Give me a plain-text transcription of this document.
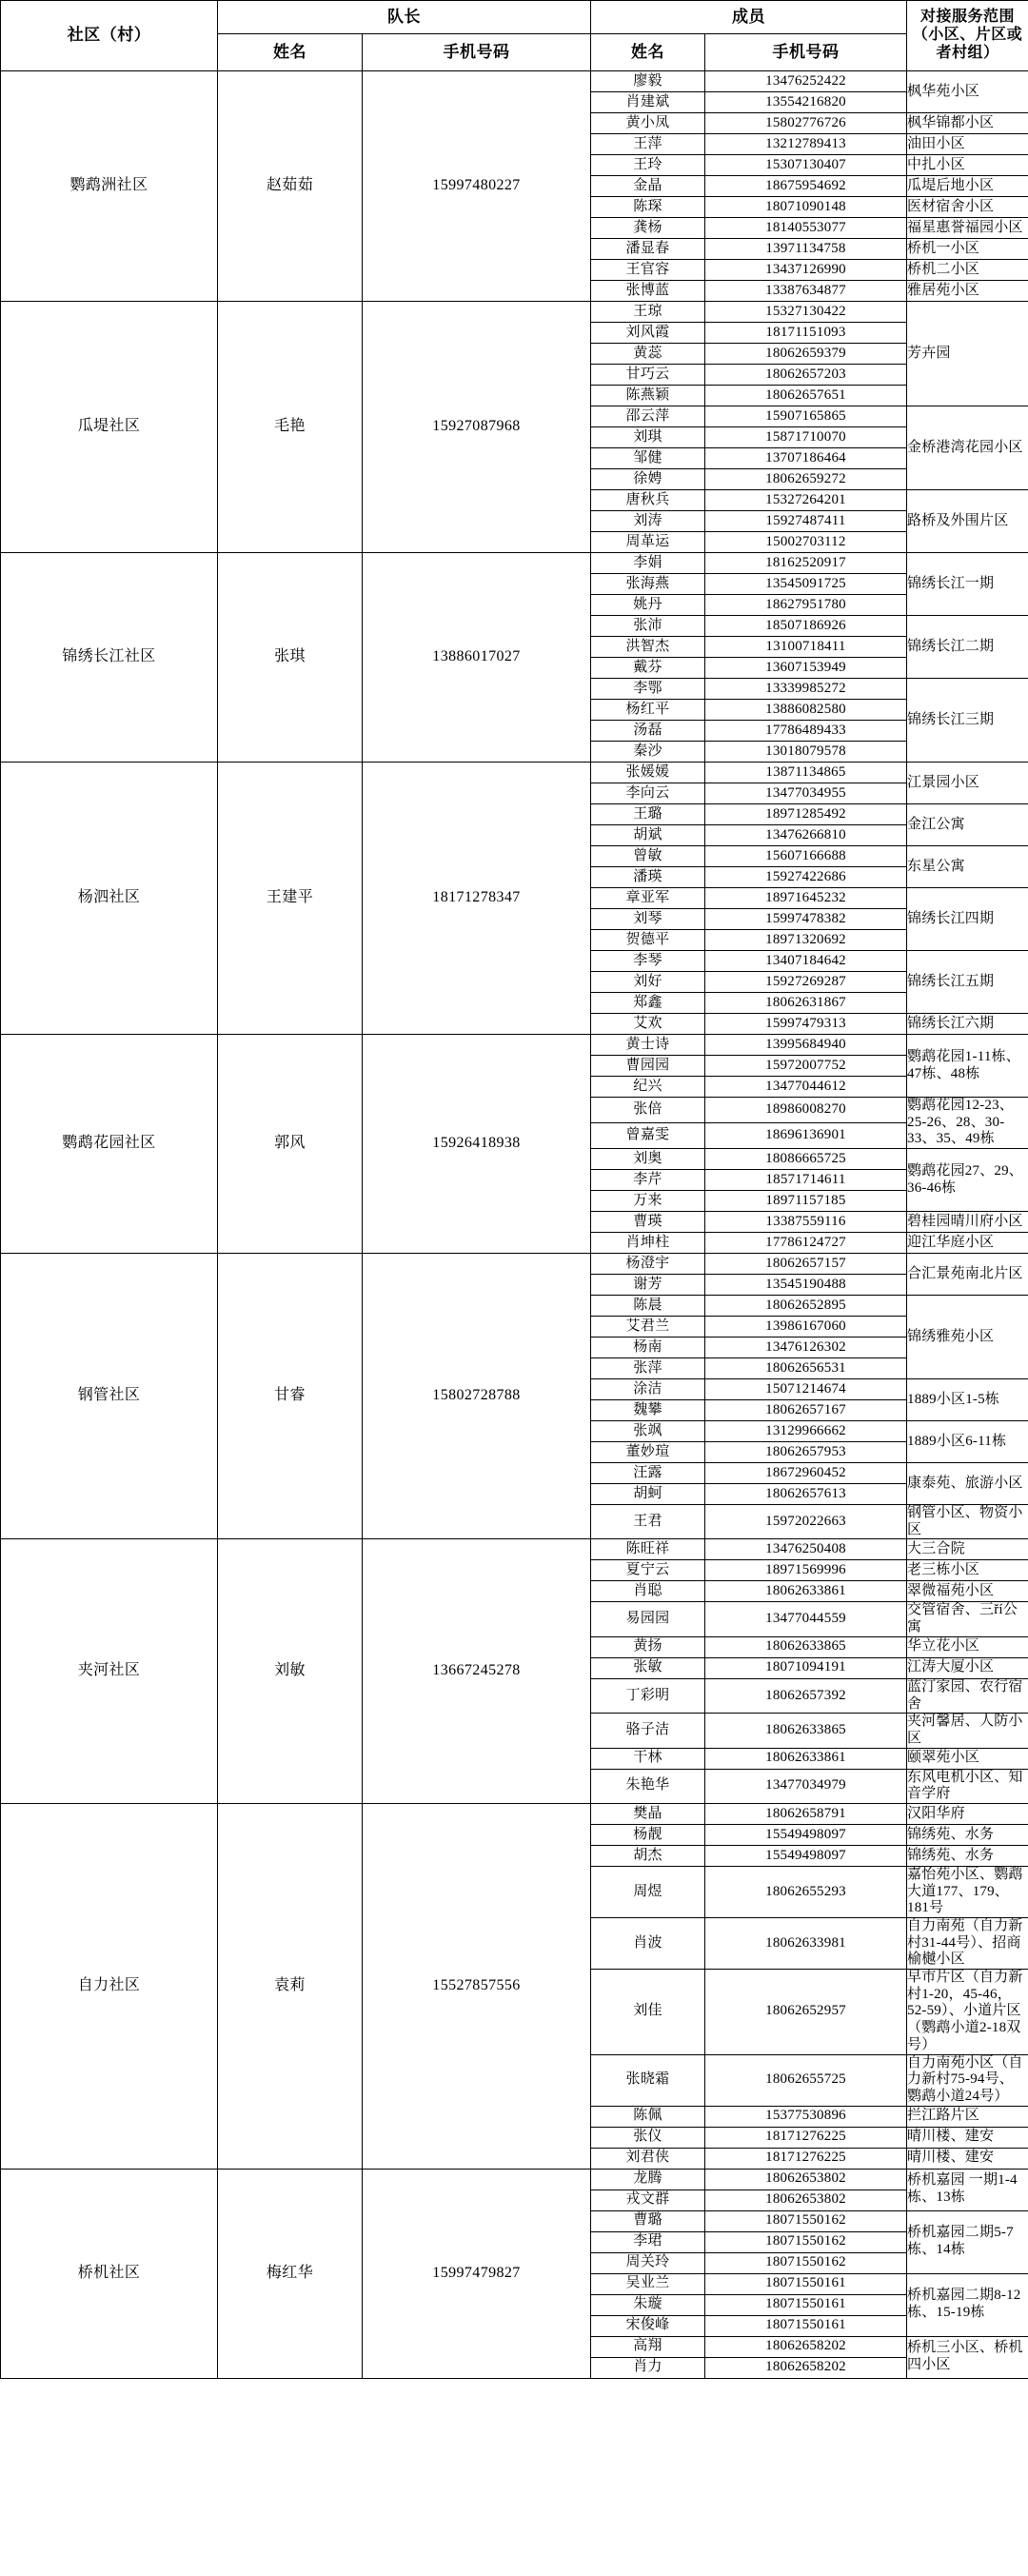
社区（村）	队长		成员		对接服务范围
（小区、片区或者村组）

	姓名	手机号码	姓名	手机号码	
鹦鹉洲社区	赵茹茹	15997480227	廖毅	13476252422	枫华苑小区
			肖建斌	13554216820	
			黄小凤	15802776726	枫华锦都小区
			王萍	13212789413	油田小区
			王玲	15307130407	中扎小区
			金晶	18675954692	瓜堤后地小区
			陈琛	18071090148	医材宿舍小区
			龚杨	18140553077	福星惠誉福园小区
			潘显春	13971134758	桥机一小区
			王官容	13437126990	桥机二小区
			张博蓝	13387634877	雅居苑小区
瓜堤社区	毛艳	15927087968	王琼	15327130422	芳卉园
			刘风霞	18171151093	
			黄蕊	18062659379	
			甘巧云	18062657203	
			陈燕颖	18062657651	
			邵云萍	15907165865	金桥港湾花园小区
			刘琪	15871710070	
			邹健	13707186464	
			徐娉	18062659272	
			唐秋兵	15327264201	路桥及外围片区
			刘涛	15927487411	
			周革运	15002703112	
锦绣长江社区	张琪	13886017027	李娟	18162520917	锦绣长江一期
			张海燕	13545091725	
			姚丹	18627951780	
			张沛	18507186926	锦绣长江二期
			洪智杰	13100718411	
			戴芬	13607153949	
			李鄂	13339985272	锦绣长江三期
			杨红平	13886082580	
			汤磊	17786489433	
			秦沙	13018079578	
杨泗社区	王建平	18171278347	张媛媛	13871134865	江景园小区
			李向云	13477034955	
			王璐	18971285492	金江公寓
			胡斌	13476266810	
			曾敏	15607166688	东星公寓
			潘瑛	15927422686	
			章亚军	18971645232	锦绣长江四期
			刘琴	15997478382	
			贺德平	18971320692	
			李琴	13407184642	锦绣长江五期
			刘好	15927269287	
			郑鑫	18062631867	
			艾欢	15997479313	锦绣长江六期
鹦鹉花园社区	郭风	15926418938	黄士诗	13995684940	鹦鹉花园1-11栋、47栋、48栋
			曹园园	15972007752	
			纪兴	13477044612	
			张倍	18986008270	鹦鹉花园12-23、25-26、28、30-33、35、49栋
			曾嘉雯	18696136901	
			刘奥	18086665725	鹦鹉花园27、29、36-46栋
			李芹	18571714611	
			万来	18971157185	
			曹瑛	13387559116	碧桂园晴川府小区
			肖坤柱	17786124727	迎江华庭小区
钢管社区	甘睿	15802728788	杨澄宇	18062657157	合汇景苑南北片区
			谢芳	13545190488	
			陈晨	18062652895	锦绣雅苑小区
			艾君兰	13986167060	
			杨南	13476126302	
			张萍	18062656531	
			涂洁	15071214674	1889小区1-5栋
			魏攀	18062657167	
			张飒	13129966662	1889小区6-11栋
			董妙瑄	18062657953	
			汪露	18672960452	康泰苑、旅游小区
			胡蚵	18062657613	
			王君	15972022663	钢管小区、物资小区
夹河社区	刘敏	13667245278	陈旺祥	13476250408	大三合院
			夏宁云	18971569996	老三栋小区
			肖聪	18062633861	翠微福苑小区
			易园园	13477044559	交管宿舍、三ří公寓
			黄扬	18062633865	华立花小区
			张敏	18071094191	江涛大厦小区
			丁彩明	18062657392	蓝汀家园、农行宿舍
			骆子洁	18062633865	夹河馨居、人防小区
			干林	18062633861	颐翠苑小区
			朱艳华	13477034979	东风电机小区、知音学府
自力社区	袁莉	15527857556	樊晶	18062658791	汉阳华府
			杨靓	15549498097	锦绣苑、水务
			胡杰	15549498097	锦绣苑、水务
			周煜	18062655293	嘉怡苑小区、鹦鹉大道177、179、181号
			肖波	18062633981	自力南苑（自力新村31-44号）、招商榆樾小区
			刘佳	18062652957	早市片区（自力新村1-20，45-46，52-59）、小道片区（鹦鹉小道2-18双号）
			张晓霜	18062655725	自力南苑小区（自力新村75-94号、鹦鹉小道24号）
			陈佩	15377530896	拦江路片区
			张仪	18171276225	晴川楼、建安
			刘君侠	18171276225	晴川楼、建安
桥机社区	梅红华	15997479827	龙腾	18062653802	桥机嘉园 一期1-4栋、13栋
			戎文群	18062653802	
			曹璐	18071550162	桥机嘉园二期5-7栋、14栋
			李珺	18071550162	
			周关玲	18071550162	
			吴业兰	18071550161	桥机嘉园二期8-12栋、15-19栋
			朱璇	18071550161	
			宋俊峰	18071550161	
			高翔	18062658202	桥机三小区、桥机四小区
			肖力	18062658202	
